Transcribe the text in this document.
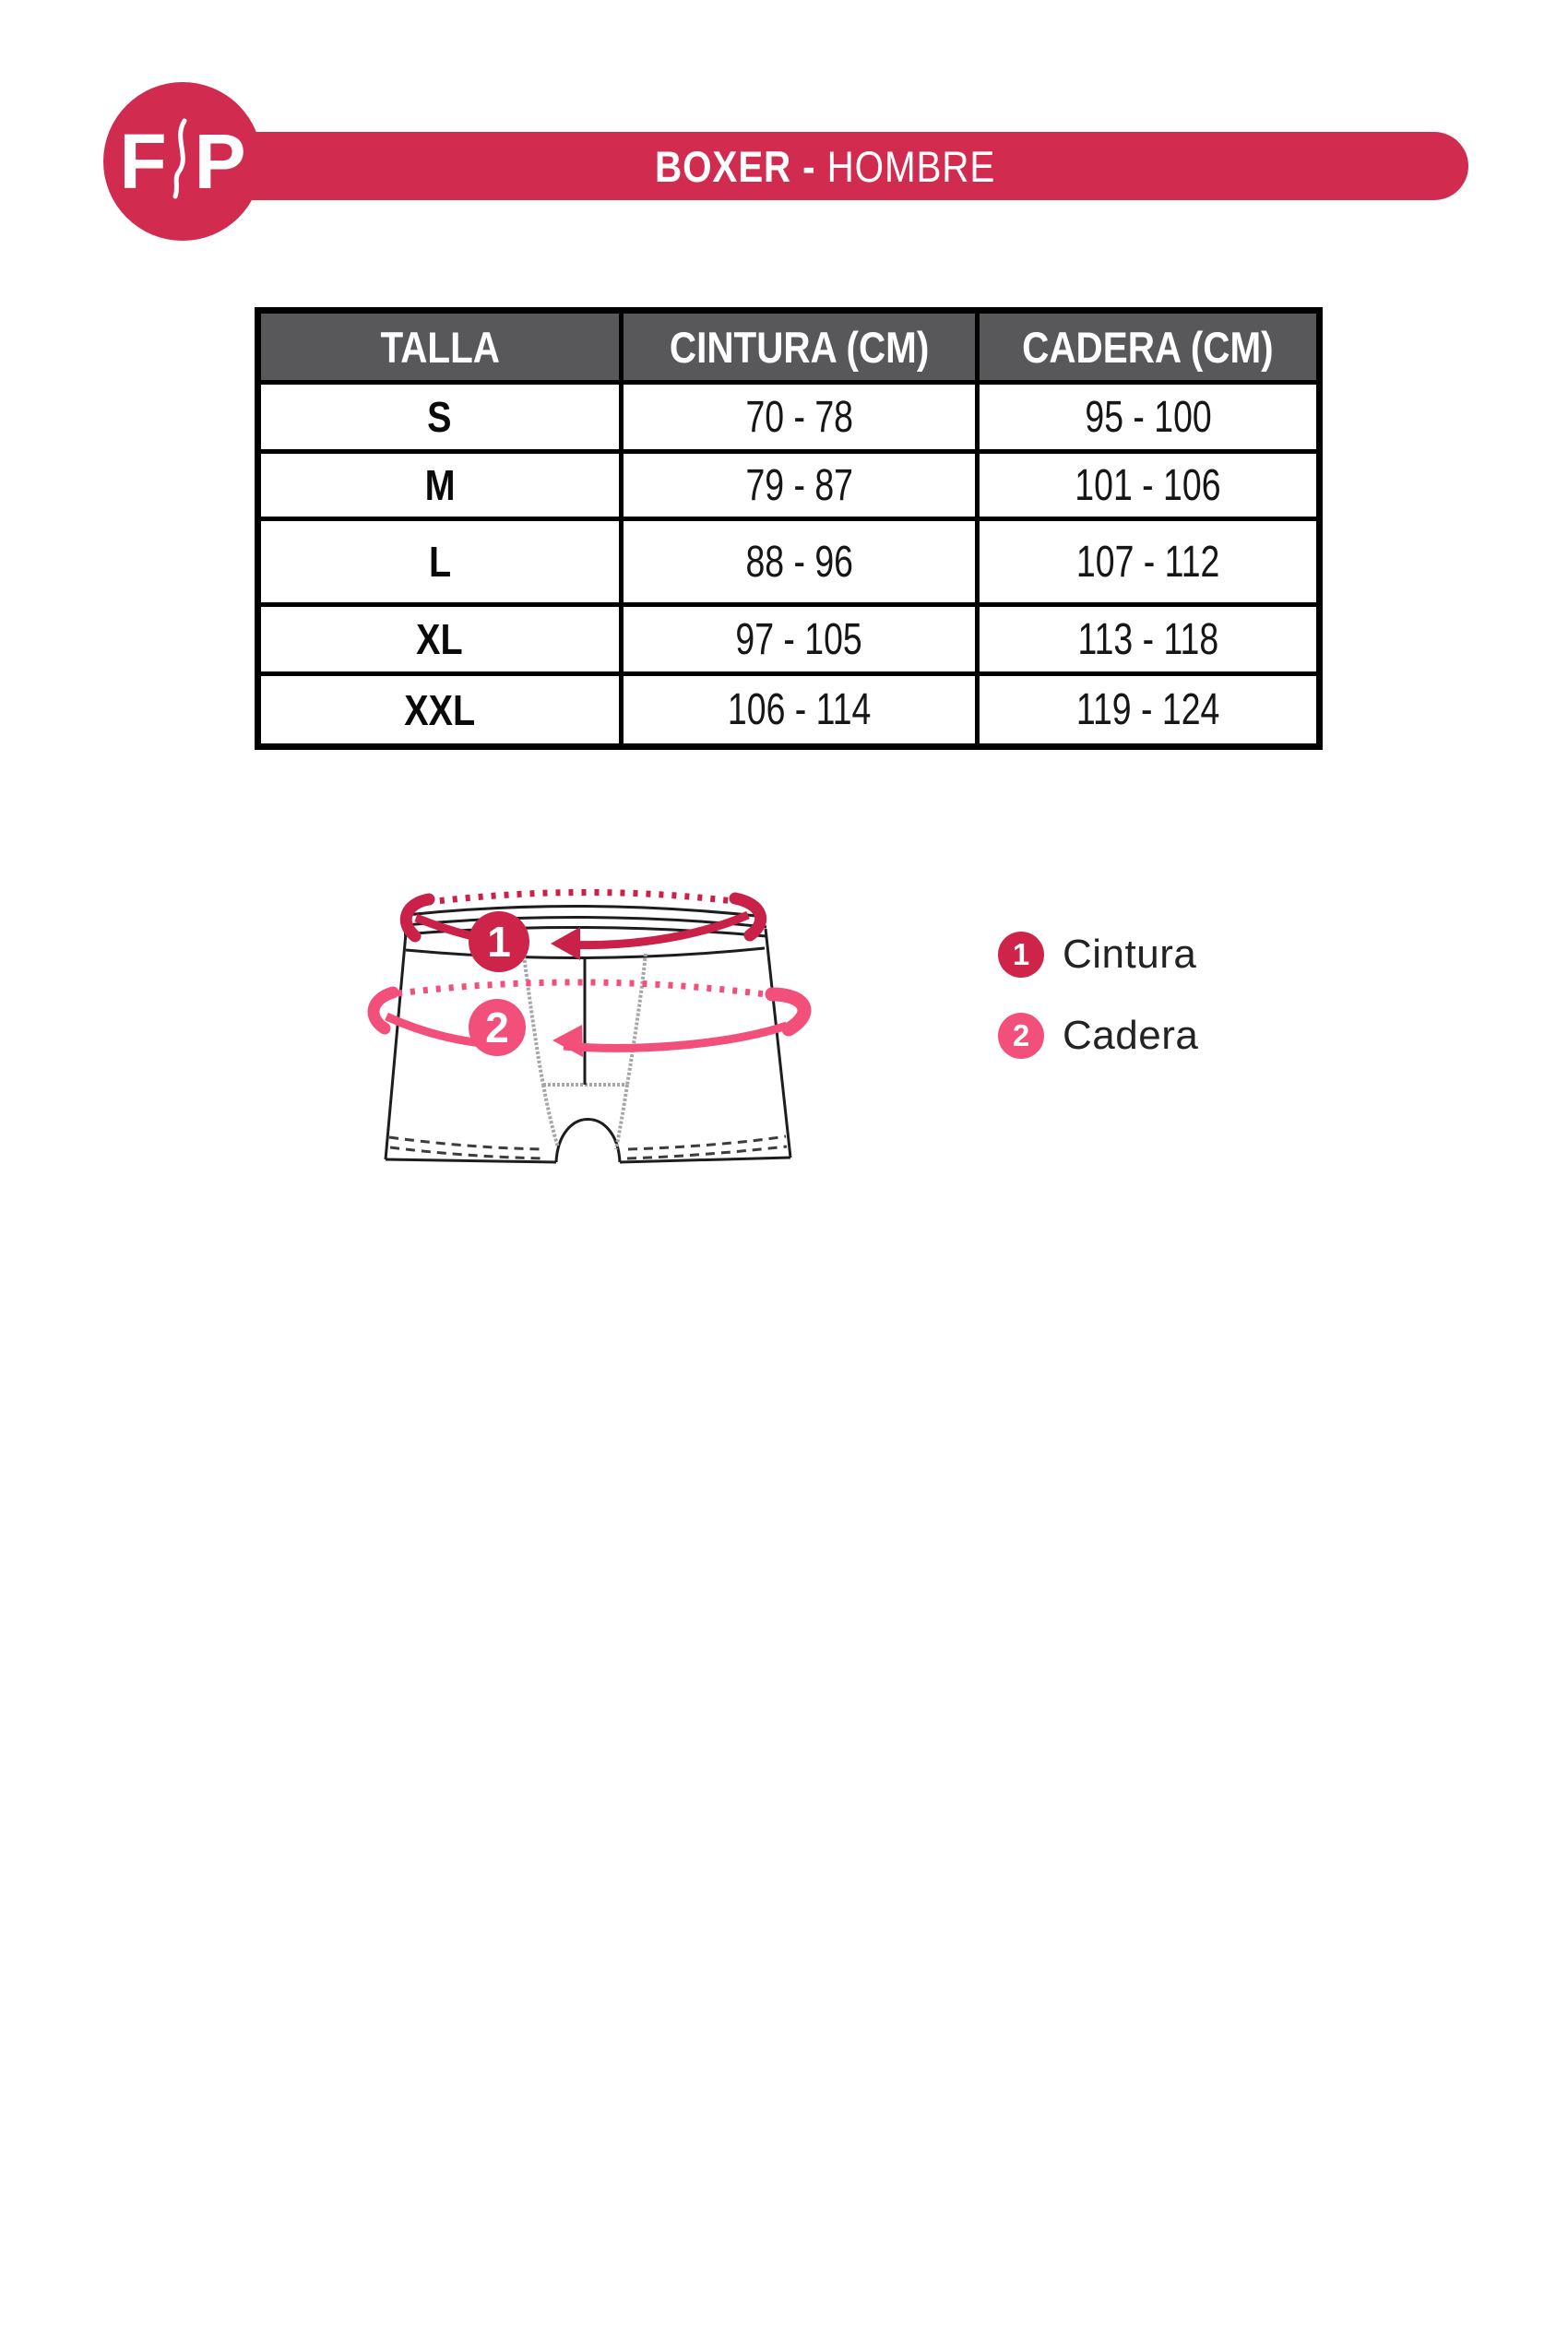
BOXER - HOMBRE
F P
TALLA	CINTURA (CM)	CADERA (CM)
S	70 - 78	95 - 100
M	79 - 87	101 - 106
L	88 - 96	107 - 112
XL	97 - 105	113 - 118
XXL	106 - 114	119 - 124
1
2
1 Cintura
2 Cadera
